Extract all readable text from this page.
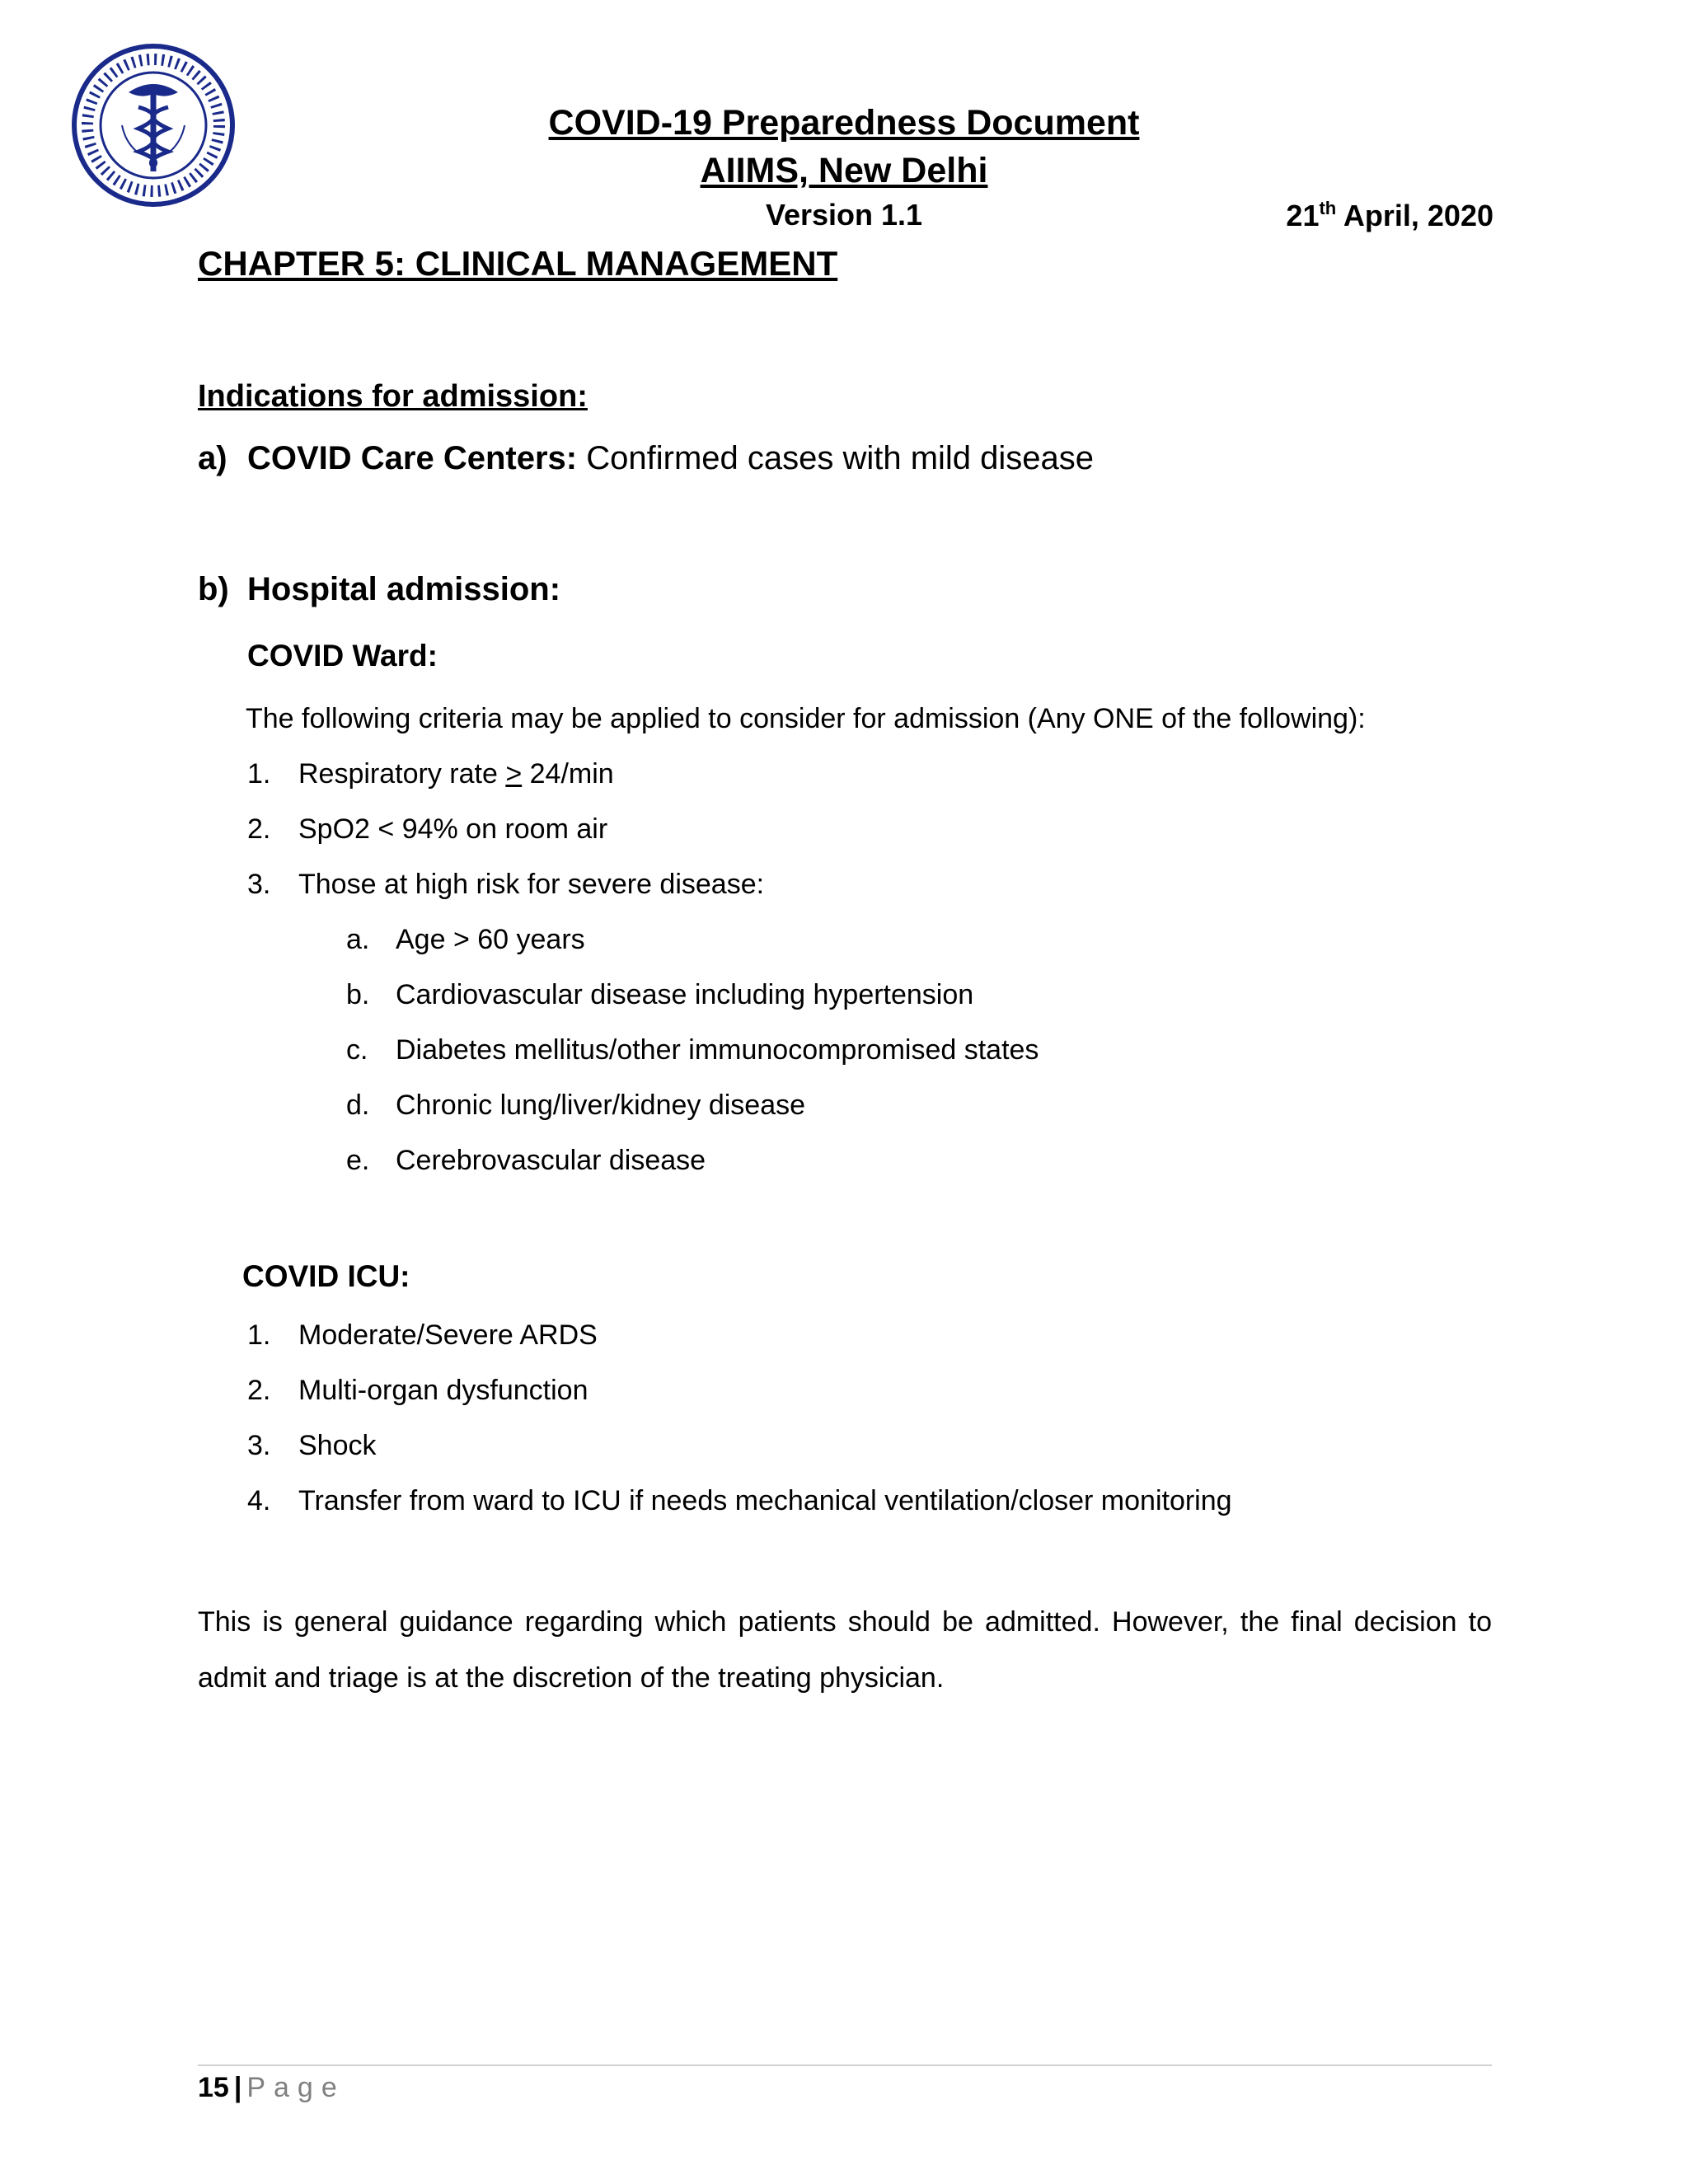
COVID-19 Preparedness Document
AIIMS, New Delhi
Version 1.1	21th April, 2020
CHAPTER 5: CLINICAL MANAGEMENT
Indications for admission:
a) COVID Care Centers: Confirmed cases with mild disease
b) Hospital admission:
COVID Ward:
The following criteria may be applied to consider for admission (Any ONE of the following):
1. Respiratory rate > 24/min
2. SpO2 < 94% on room air
3. Those at high risk for severe disease:
a. Age > 60 years
b. Cardiovascular disease including hypertension
c. Diabetes mellitus/other immunocompromised states
d. Chronic lung/liver/kidney disease
e. Cerebrovascular disease
COVID ICU:
1. Moderate/Severe ARDS
2. Multi-organ dysfunction
3. Shock
4. Transfer from ward to ICU if needs mechanical ventilation/closer monitoring
This is general guidance regarding which patients should be admitted. However, the final decision to admit and triage is at the discretion of the treating physician.
15 | Page
